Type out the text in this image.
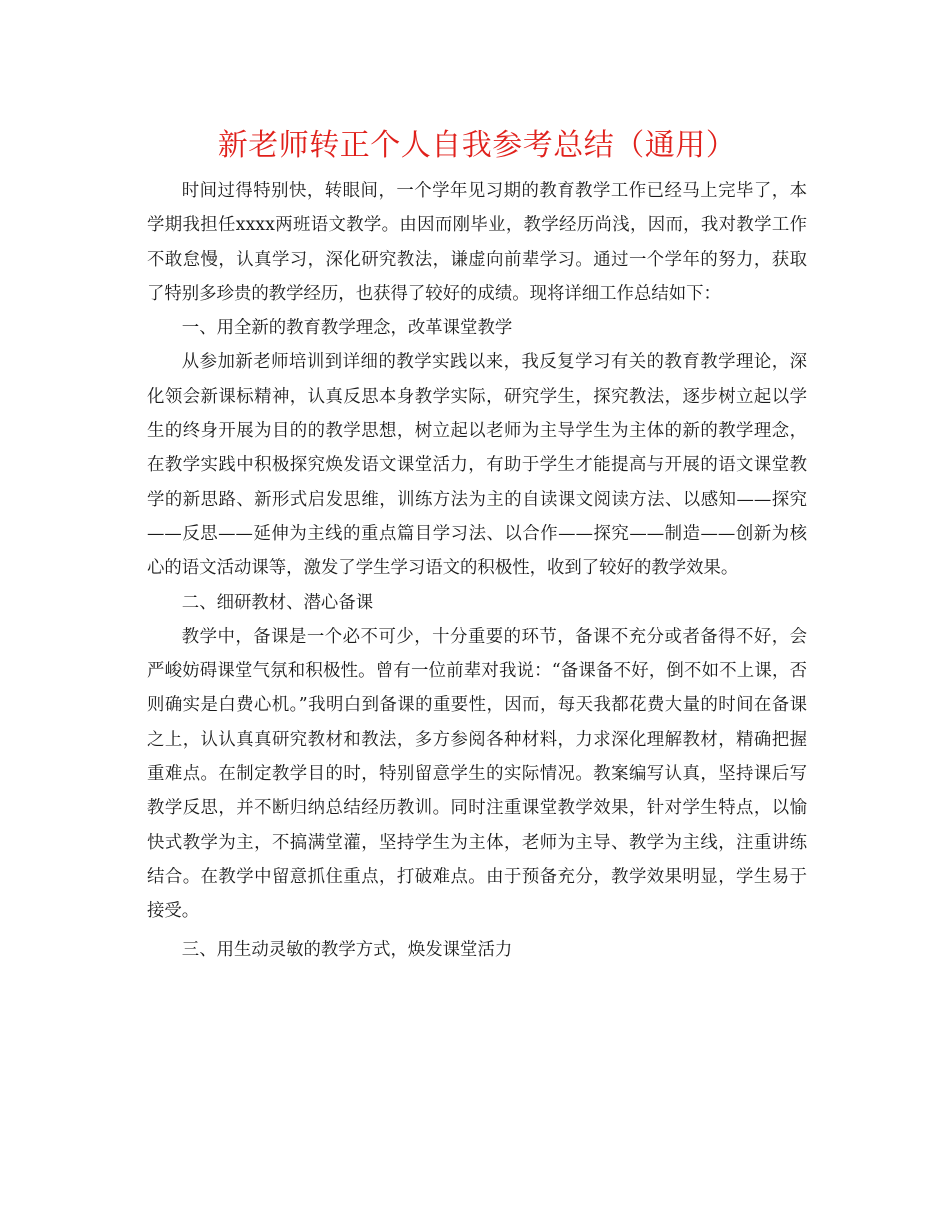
新老师转正个人自我参考总结（通用）

时间过得特别快，转眼间，一个学年见习期的教育教学工作已经马上完毕了，本学期我担任xxxx两班语文教学。由因而刚毕业，教学经历尚浅，因而，我对教学工作不敢怠慢，认真学习，深化研究教法，谦虚向前辈学习。通过一个学年的努力，获取了特别多珍贵的教学经历，也获得了较好的成绩。现将详细工作总结如下：

一、用全新的教育教学理念，改革课堂教学

从参加新老师培训到详细的教学实践以来，我反复学习有关的教育教学理论，深化领会新课标精神，认真反思本身教学实际，研究学生，探究教法，逐步树立起以学生的终身开展为目的的教学思想，树立起以老师为主导学生为主体的新的教学理念，在教学实践中积极探究焕发语文课堂活力，有助于学生才能提高与开展的语文课堂教学的新思路、新形式启发思维，训练方法为主的自读课文阅读方法、以感知——探究——反思——延伸为主线的重点篇目学习法、以合作——探究——制造——创新为核心的语文活动课等，激发了学生学习语文的积极性，收到了较好的教学效果。

二、细研教材、潜心备课

教学中，备课是一个必不可少，十分重要的环节，备课不充分或者备得不好，会严峻妨碍课堂气氛和积极性。曾有一位前辈对我说：“备课备不好，倒不如不上课，否则确实是白费心机。”我明白到备课的重要性，因而，每天我都花费大量的时间在备课之上，认认真真研究教材和教法，多方参阅各种材料，力求深化理解教材，精确把握重难点。在制定教学目的时，特别留意学生的实际情况。教案编写认真，坚持课后写教学反思，并不断归纳总结经历教训。同时注重课堂教学效果，针对学生特点，以愉快式教学为主，不搞满堂灌，坚持学生为主体，老师为主导、教学为主线，注重讲练结合。在教学中留意抓住重点，打破难点。由于预备充分，教学效果明显，学生易于接受。

三、用生动灵敏的教学方式，焕发课堂活力
